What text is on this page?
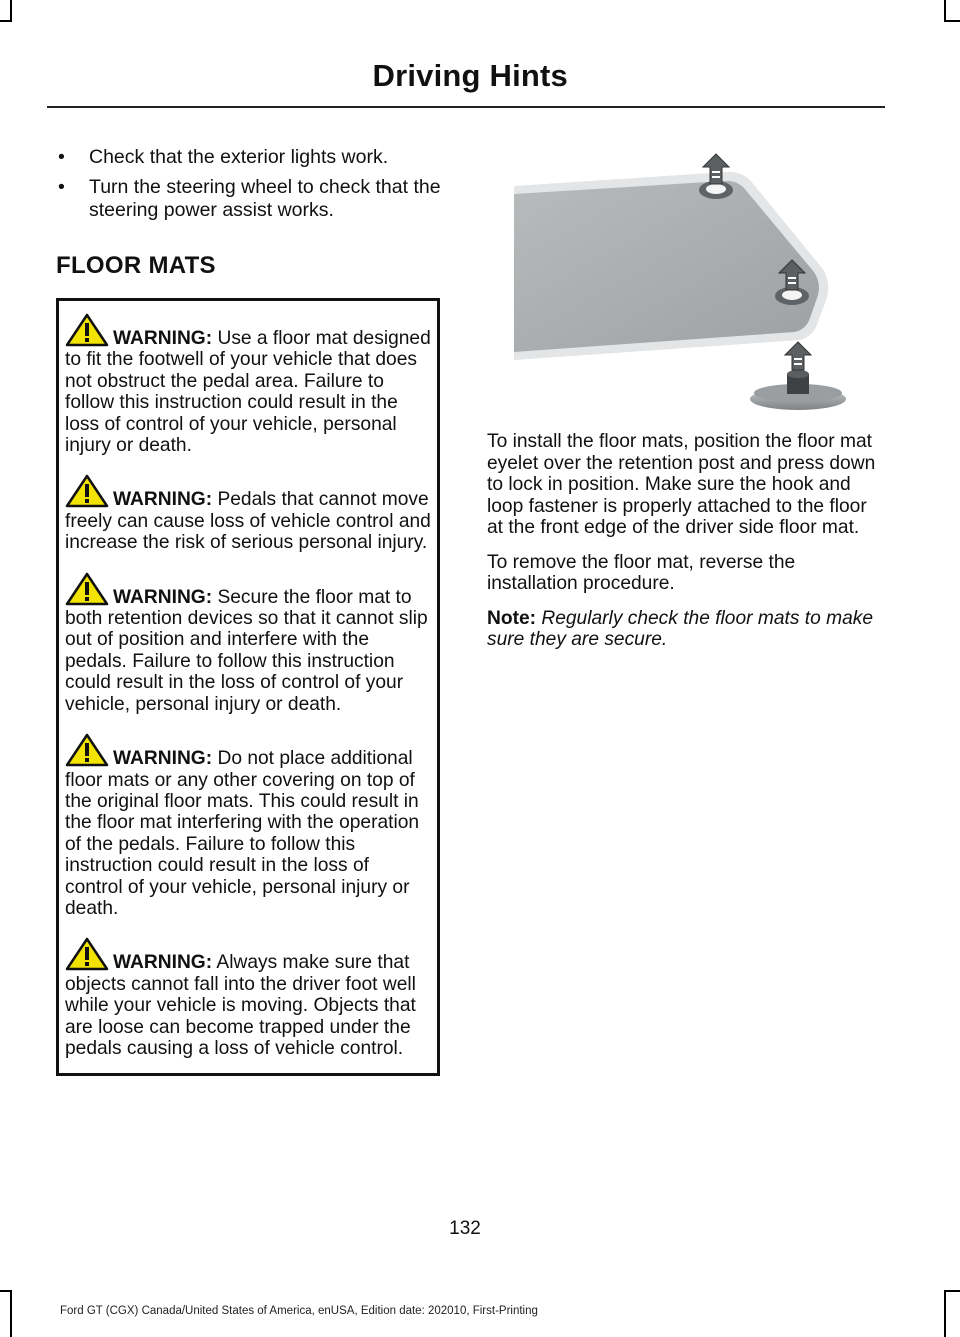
Driving Hints
• Check that the exterior lights work.
• Turn the steering wheel to check that the steering power assist works.
FLOOR MATS

WARNING: Use a floor mat designed to fit the footwell of your vehicle that does not obstruct the pedal area. Failure to follow this instruction could result in the loss of control of your vehicle, personal injury or death.

WARNING: Pedals that cannot move freely can cause loss of vehicle control and increase the risk of serious personal injury.

WARNING: Secure the floor mat to both retention devices so that it cannot slip out of position and interfere with the pedals. Failure to follow this instruction could result in the loss of control of your vehicle, personal injury or death.

WARNING: Do not place additional floor mats or any other covering on top of the original floor mats. This could result in the floor mat interfering with the operation of the pedals. Failure to follow this instruction could result in the loss of control of your vehicle, personal injury or death.

WARNING: Always make sure that objects cannot fall into the driver foot well while your vehicle is moving. Objects that are loose can become trapped under the pedals causing a loss of vehicle control.

To install the floor mats, position the floor mat eyelet over the retention post and press down to lock in position. Make sure the hook and loop fastener is properly attached to the floor at the front edge of the driver side floor mat.

To remove the floor mat, reverse the installation procedure.

Note: Regularly check the floor mats to make sure they are secure.

132
Ford GT (CGX) Canada/United States of America, enUSA, Edition date: 202010, First-Printing
